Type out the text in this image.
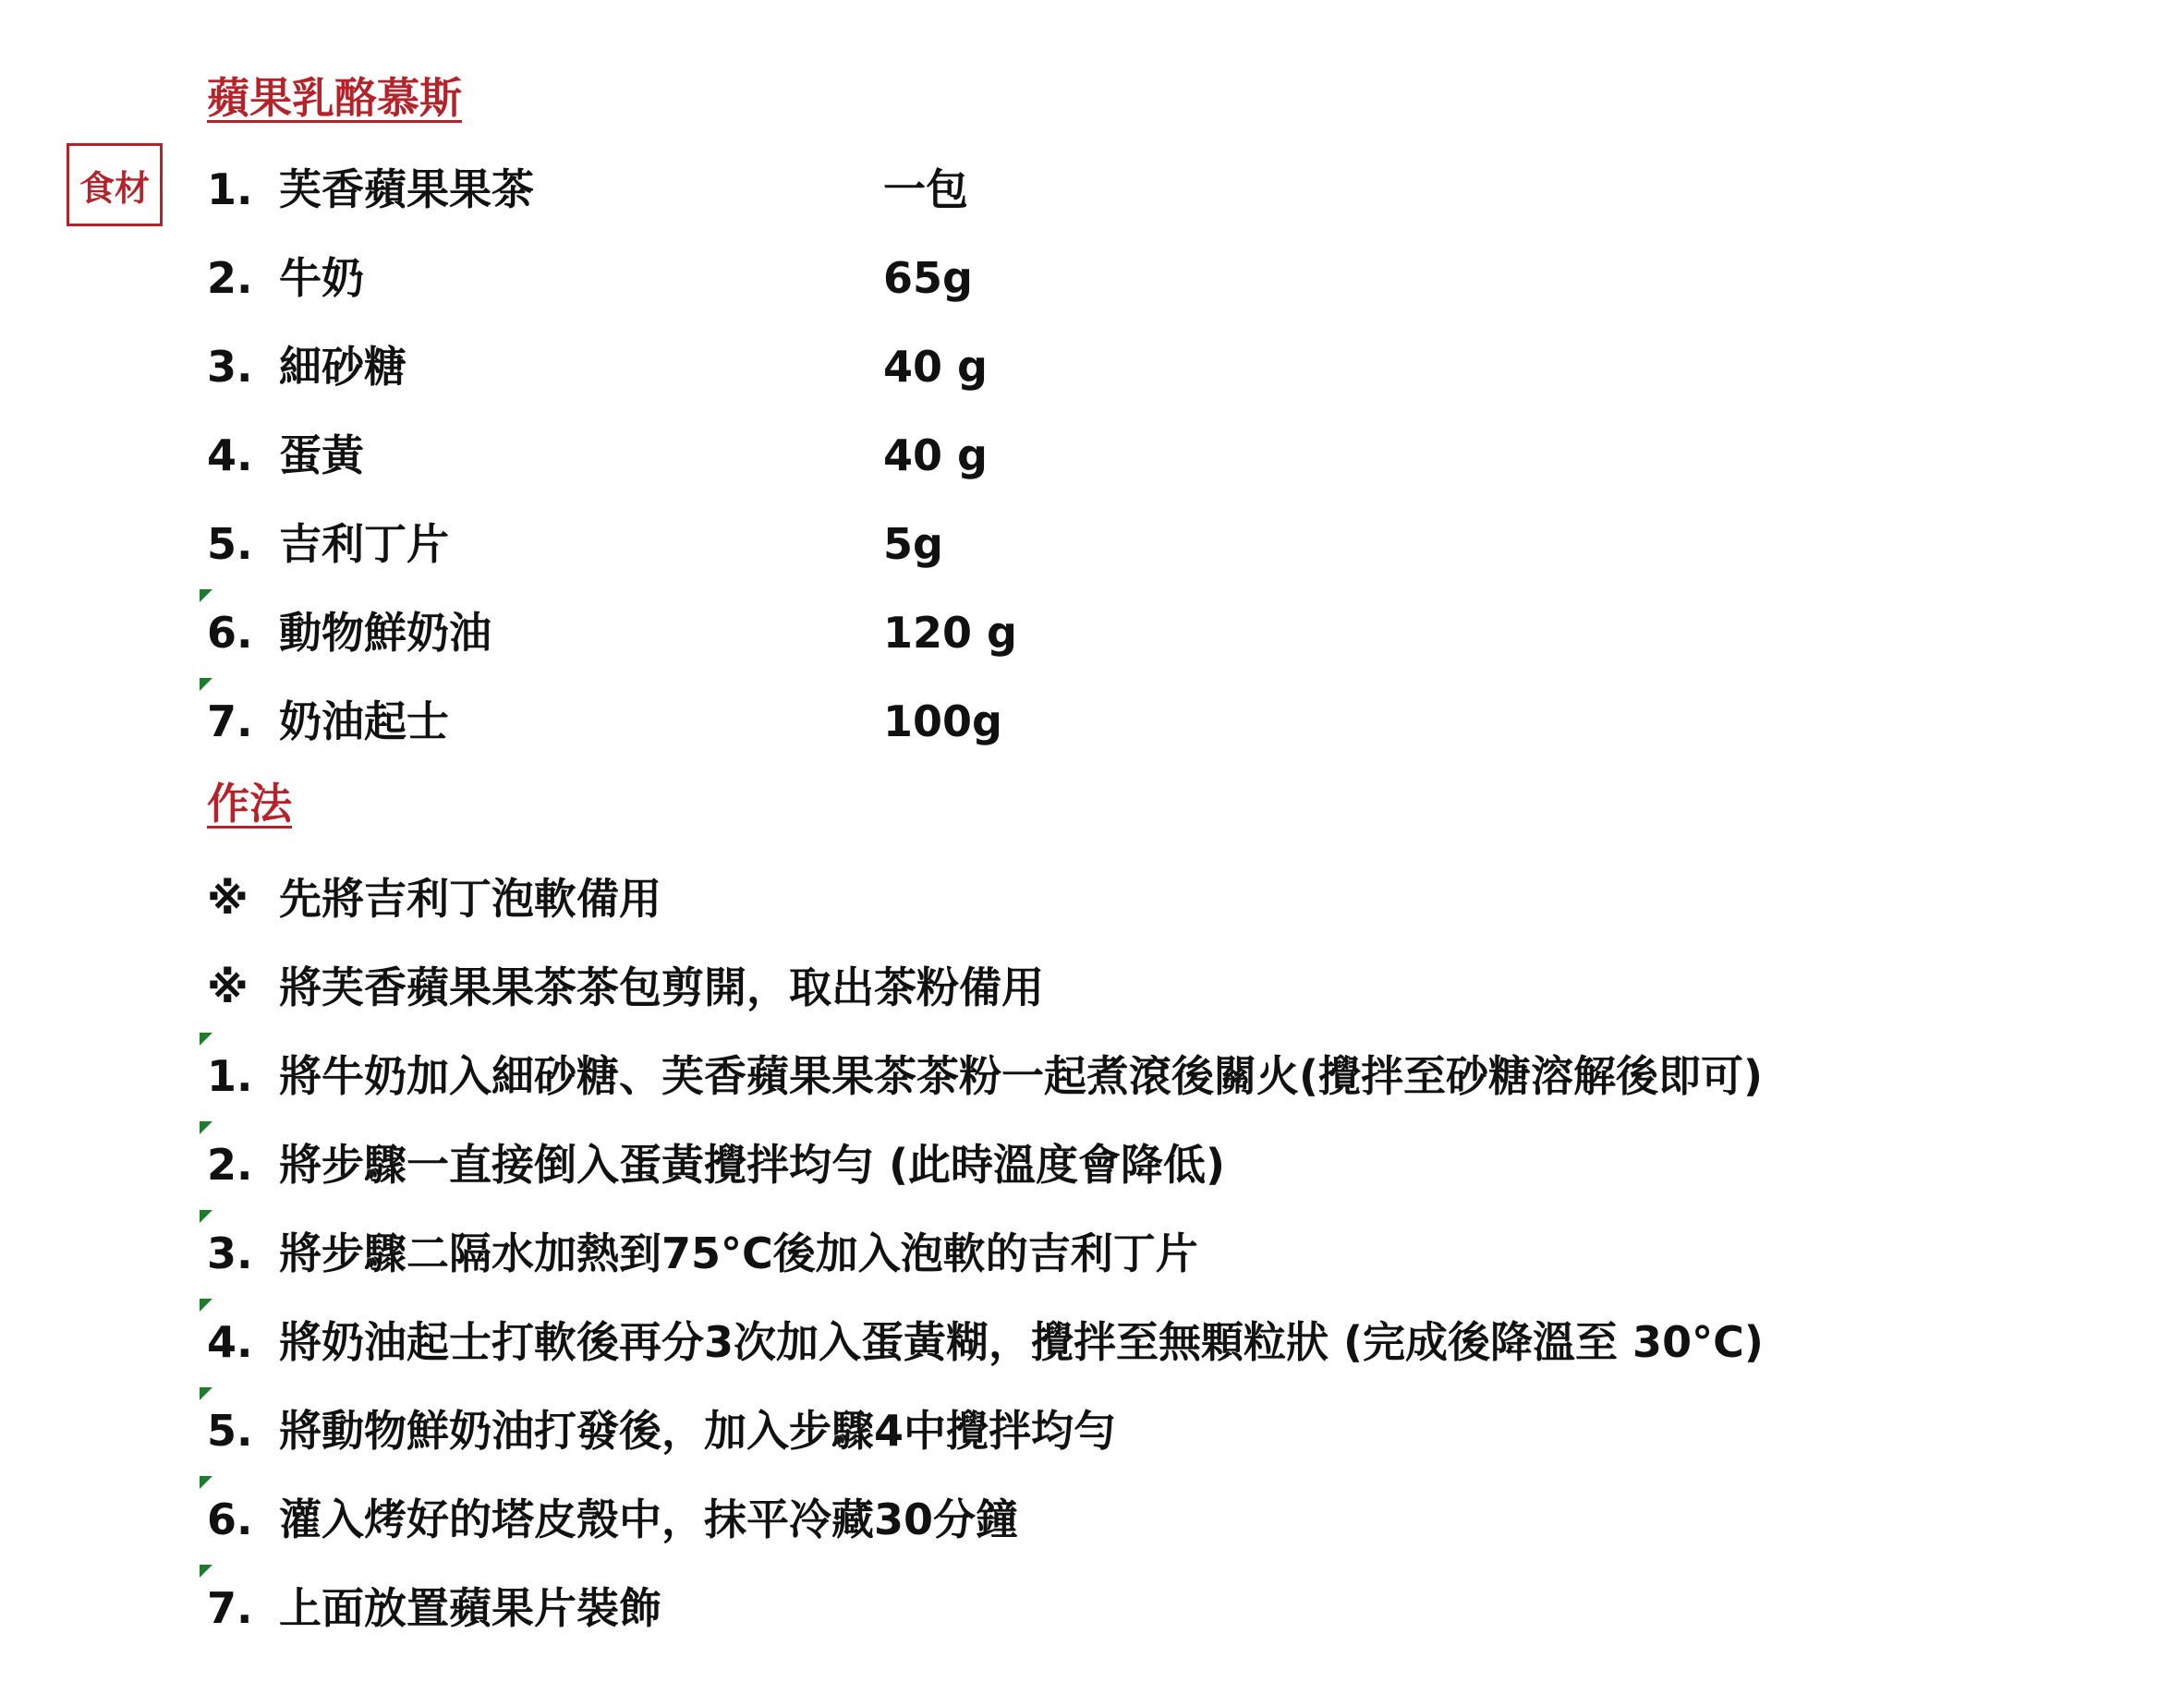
蘋果乳酪慕斯
食材	1. 芙香蘋果果茶	一包
2. 牛奶	65g
3. 細砂糖	40 g
4. 蛋黃	40 g
5. 吉利丁片	5g
6. 動物鮮奶油	120 g
7. 奶油起士	100g
作法
※ 先將吉利丁泡軟備用
※ 將芙香蘋果果茶茶包剪開，取出茶粉備用
1. 將牛奶加入細砂糖、芙香蘋果果茶茶粉一起煮滾後關火(攪拌至砂糖溶解後即可)
2. 將步驟一直接倒入蛋黃攪拌均勻 (此時溫度會降低)
3. 將步驟二隔水加熱到75°C後加入泡軟的吉利丁片
4. 將奶油起士打軟後再分3次加入蛋黃糊，攪拌至無顆粒狀 (完成後降溫至 30°C)
5. 將動物鮮奶油打發後，加入步驟4中攪拌均勻
6. 灌入烤好的塔皮殼中，抹平冷藏30分鐘
7. 上面放置蘋果片裝飾
